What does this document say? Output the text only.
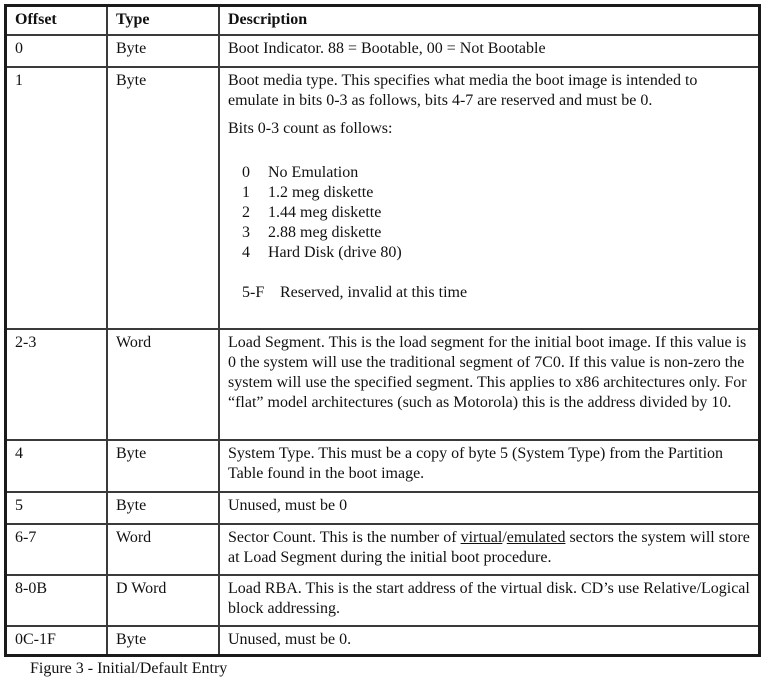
Offset	Type	Description
0	Byte	Boot Indicator. 88 = Bootable, 00 = Not Bootable
1	Byte	Boot media type. This specifies what media the boot image is intended to emulate in bits 0-3 as follows, bits 4-7 are reserved and must be 0.

Bits 0-3 count as follows:

0	No Emulation
1	1.2 meg diskette
2	1.44 meg diskette
3	2.88 meg diskette
4	Hard Disk (drive 80)
5-F Reserved, invalid at this time
2-3	Word	Load Segment. This is the load segment for the initial boot image. If this value is 0 the system will use the traditional segment of 7C0. If this value is non-zero the system will use the specified segment. This applies to x86 architectures only. For “flat” model architectures (such as Motorola) this is the address divided by 10.
4	Byte	System Type. This must be a copy of byte 5 (System Type) from the Partition Table found in the boot image.
5	Byte	Unused, must be 0
6-7	Word	Sector Count. This is the number of virtual/emulated sectors the system will store at Load Segment during the initial boot procedure.
8-0B	D Word	Load RBA. This is the start address of the virtual disk. CD’s use Relative/Logical block addressing.
0C-1F	Byte	Unused, must be 0.
Figure 3 - Initial/Default Entry
